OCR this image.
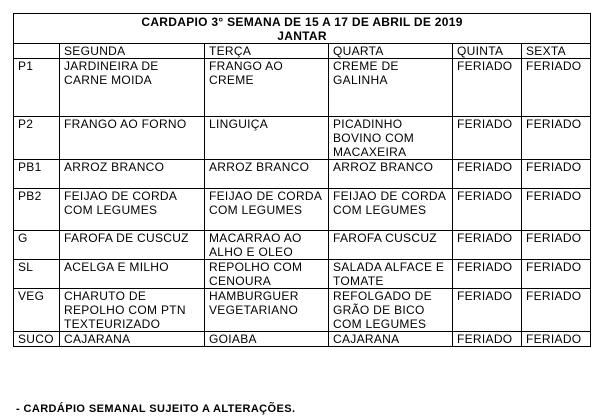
CARDAPIO 3° SEMANA DE 15 A 17 DE ABRIL DE 2019
JANTAR					

	SEGUNDA	TERÇA	QUARTA	QUINTA	SEXTA
P1	JARDINEIRA DE CARNE MOIDA	FRANGO AO CREME	CREME DE GALINHA	FERIADO	FERIADO
P2	FRANGO AO FORNO	LINGUIÇA	PICADINHO BOVINO COM MACAXEIRA	FERIADO	FERIADO
PB1	ARROZ BRANCO	ARROZ BRANCO	ARROZ BRANCO	FERIADO	FERIADO
PB2	FEIJAO DE CORDA COM LEGUMES	FEIJAO DE CORDA COM LEGUMES	FEIJAO DE CORDA COM LEGUMES	FERIADO	FERIADO
G	FAROFA DE CUSCUZ	MACARRAO AO ALHO E OLEO	FAROFA CUSCUZ	FERIADO	FERIADO
SL	ACELGA E MILHO	REPOLHO COM CENOURA	SALADA ALFACE E TOMATE	FERIADO	FERIADO
VEG	CHARUTO DE REPOLHO COM PTN TEXTEURIZADO	HAMBURGUER VEGETARIANO	REFOLGADO DE GRÃO DE BICO COM LEGUMES	FERIADO	FERIADO
SUCO	CAJARANA	GOIABA	CAJARANA	FERIADO	FERIADO
- CARDÁPIO SEMANAL SUJEITO A ALTERAÇÕES.
